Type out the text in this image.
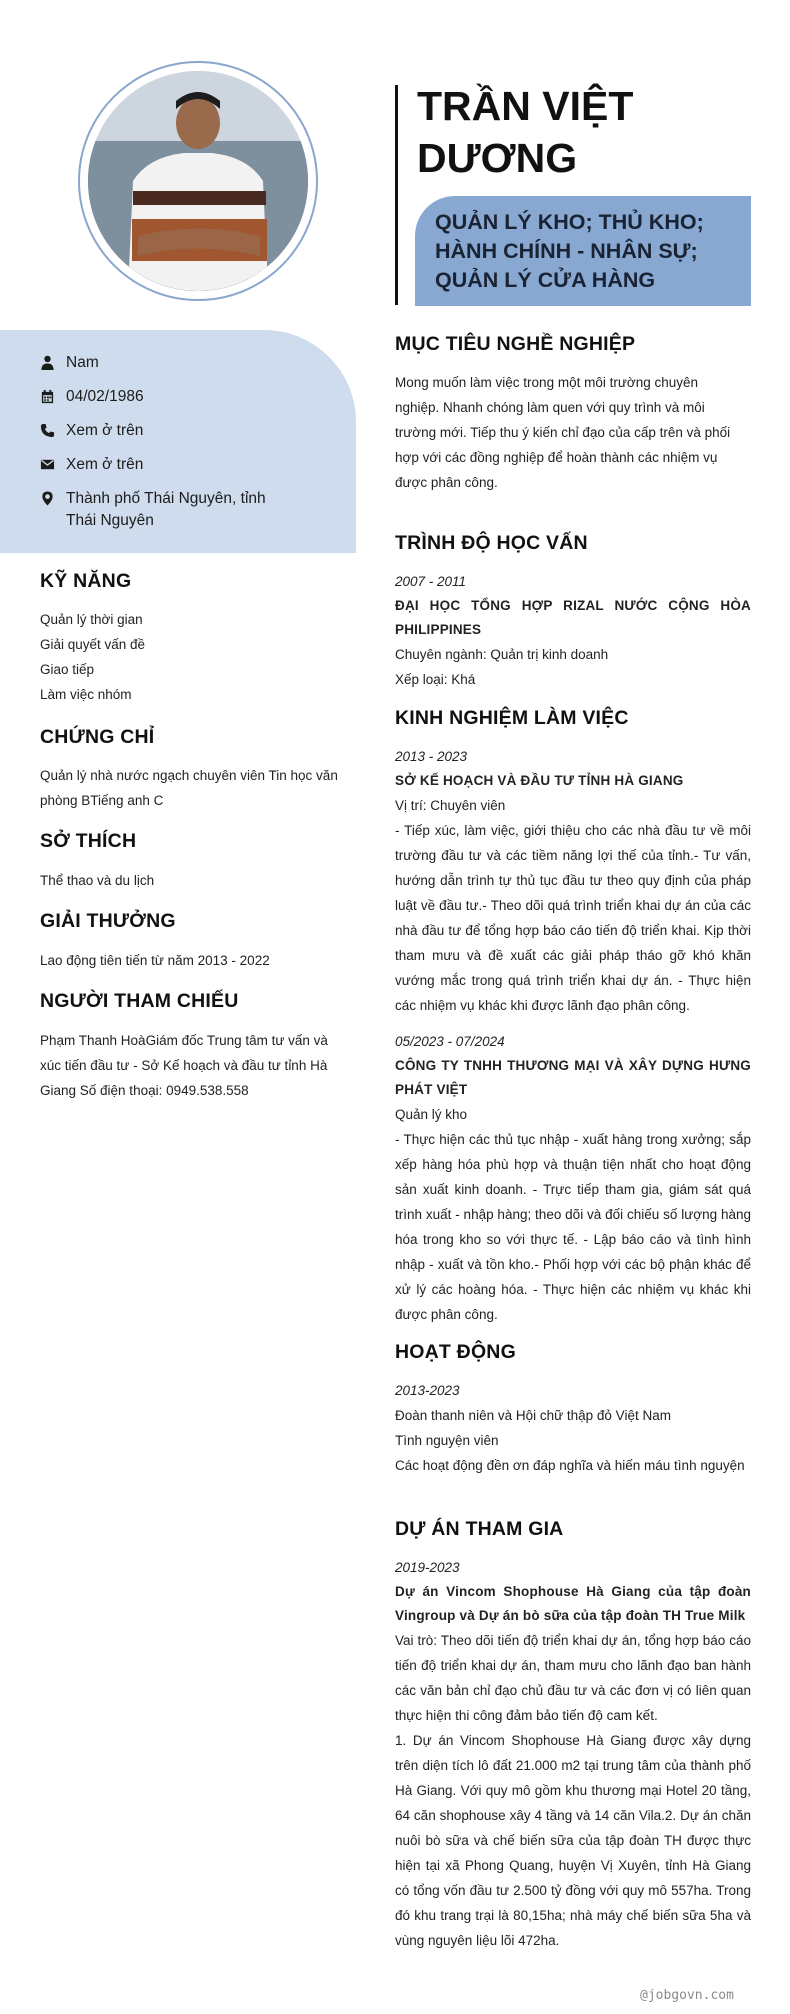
Nam
04/02/1986
Xem ở trên
Xem ở trên
Thành phố Thái Nguyên, tỉnh Thái Nguyên
KỸ NĂNG
Quản lý thời gian
Giải quyết vấn đề
Giao tiếp
Làm việc nhóm
CHỨNG CHỈ
Quản lý nhà nước ngạch chuyên viên Tin học văn phòng BTiếng anh C
SỞ THÍCH
Thể thao và du lịch
GIẢI THƯỞNG
Lao động tiên tiến từ năm 2013 - 2022
NGƯỜI THAM CHIẾU
Phạm Thanh HoàGiám đốc Trung tâm tư vấn và xúc tiến đầu tư - Sở Kế hoạch và đầu tư tỉnh Hà Giang Số điện thoại: 0949.538.558
TRẦN VIỆT DƯƠNG
QUẢN LÝ KHO; THỦ KHO; HÀNH CHÍNH - NHÂN SỰ; QUẢN LÝ CỬA HÀNG
MỤC TIÊU NGHỀ NGHIỆP
Mong muốn làm việc trong một môi trường chuyên nghiệp. Nhanh chóng làm quen với quy trình và môi trường mới. Tiếp thu ý kiến chỉ đạo của cấp trên và phối hợp với các đồng nghiệp để hoàn thành các nhiệm vụ được phân công.
TRÌNH ĐỘ HỌC VẤN
2007 - 2011
ĐẠI HỌC TỔNG HỢP RIZAL NƯỚC CỘNG HÒA PHILIPPINES
Chuyên ngành: Quản trị kinh doanh
Xếp loại: Khá
KINH NGHIỆM LÀM VIỆC
2013 - 2023
SỞ KẾ HOẠCH VÀ ĐẦU TƯ TỈNH HÀ GIANG
Vị trí: Chuyên viên
- Tiếp xúc, làm việc, giới thiệu cho các nhà đầu tư về môi trường đầu tư và các tiềm năng lợi thế của tỉnh.- Tư vấn, hướng dẫn trình tự thủ tục đầu tư theo quy định của pháp luật về đầu tư.- Theo dõi quá trình triển khai dự án của các nhà đầu tư để tổng hợp báo cáo tiến độ triển khai. Kịp thời tham mưu và đề xuất các giải pháp tháo gỡ khó khăn vướng mắc trong quá trình triển khai dự án. - Thực hiện các nhiệm vụ khác khi được lãnh đạo phân công.
05/2023 - 07/2024
CÔNG TY TNHH THƯƠNG MẠI VÀ XÂY DỰNG HƯNG PHÁT VIỆT
Quản lý kho
- Thực hiện các thủ tục nhập - xuất hàng trong xưởng; sắp xếp hàng hóa phù hợp và thuận tiện nhất cho hoạt động sản xuất kinh doanh. - Trực tiếp tham gia, giám sát quá trình xuất - nhập hàng; theo dõi và đối chiếu số lượng hàng hóa trong kho so với thực tế. - Lập báo cáo và tình hình nhập - xuất và tồn kho.- Phối hợp với các bộ phận khác để xử lý các hoàng hóa. - Thực hiện các nhiệm vụ khác khi được phân công.
HOẠT ĐỘNG
2013-2023
Đoàn thanh niên và Hội chữ thập đỏ Việt Nam
Tình nguyện viên
Các hoạt động đền ơn đáp nghĩa và hiến máu tình nguyện
DỰ ÁN THAM GIA
2019-2023
Dự án Vincom Shophouse Hà Giang của tập đoàn Vingroup và Dự án bò sữa của tập đoàn TH True Milk
Vai trò: Theo dõi tiến độ triển khai dự án, tổng hợp báo cáo tiến độ triển khai dự án, tham mưu cho lãnh đạo ban hành các văn bản chỉ đạo chủ đầu tư và các đơn vị có liên quan thực hiện thi công đảm bảo tiến độ cam kết.
1. Dự án Vincom Shophouse Hà Giang được xây dựng trên diện tích lô đất 21.000 m2 tại trung tâm của thành phố Hà Giang. Với quy mô gồm khu thương mại Hotel 20 tầng, 64 căn shophouse xây 4 tầng và 14 căn Vila.2. Dự án chăn nuôi bò sữa và chế biến sữa của tập đoàn TH được thực hiện tại xã Phong Quang, huyện Vị Xuyên, tỉnh Hà Giang có tổng vốn đầu tư 2.500 tỷ đồng với quy mô 557ha. Trong đó khu trang trại là 80,15ha; nhà máy chế biến sữa 5ha và vùng nguyên liệu lõi 472ha.
@jobgovn.com
